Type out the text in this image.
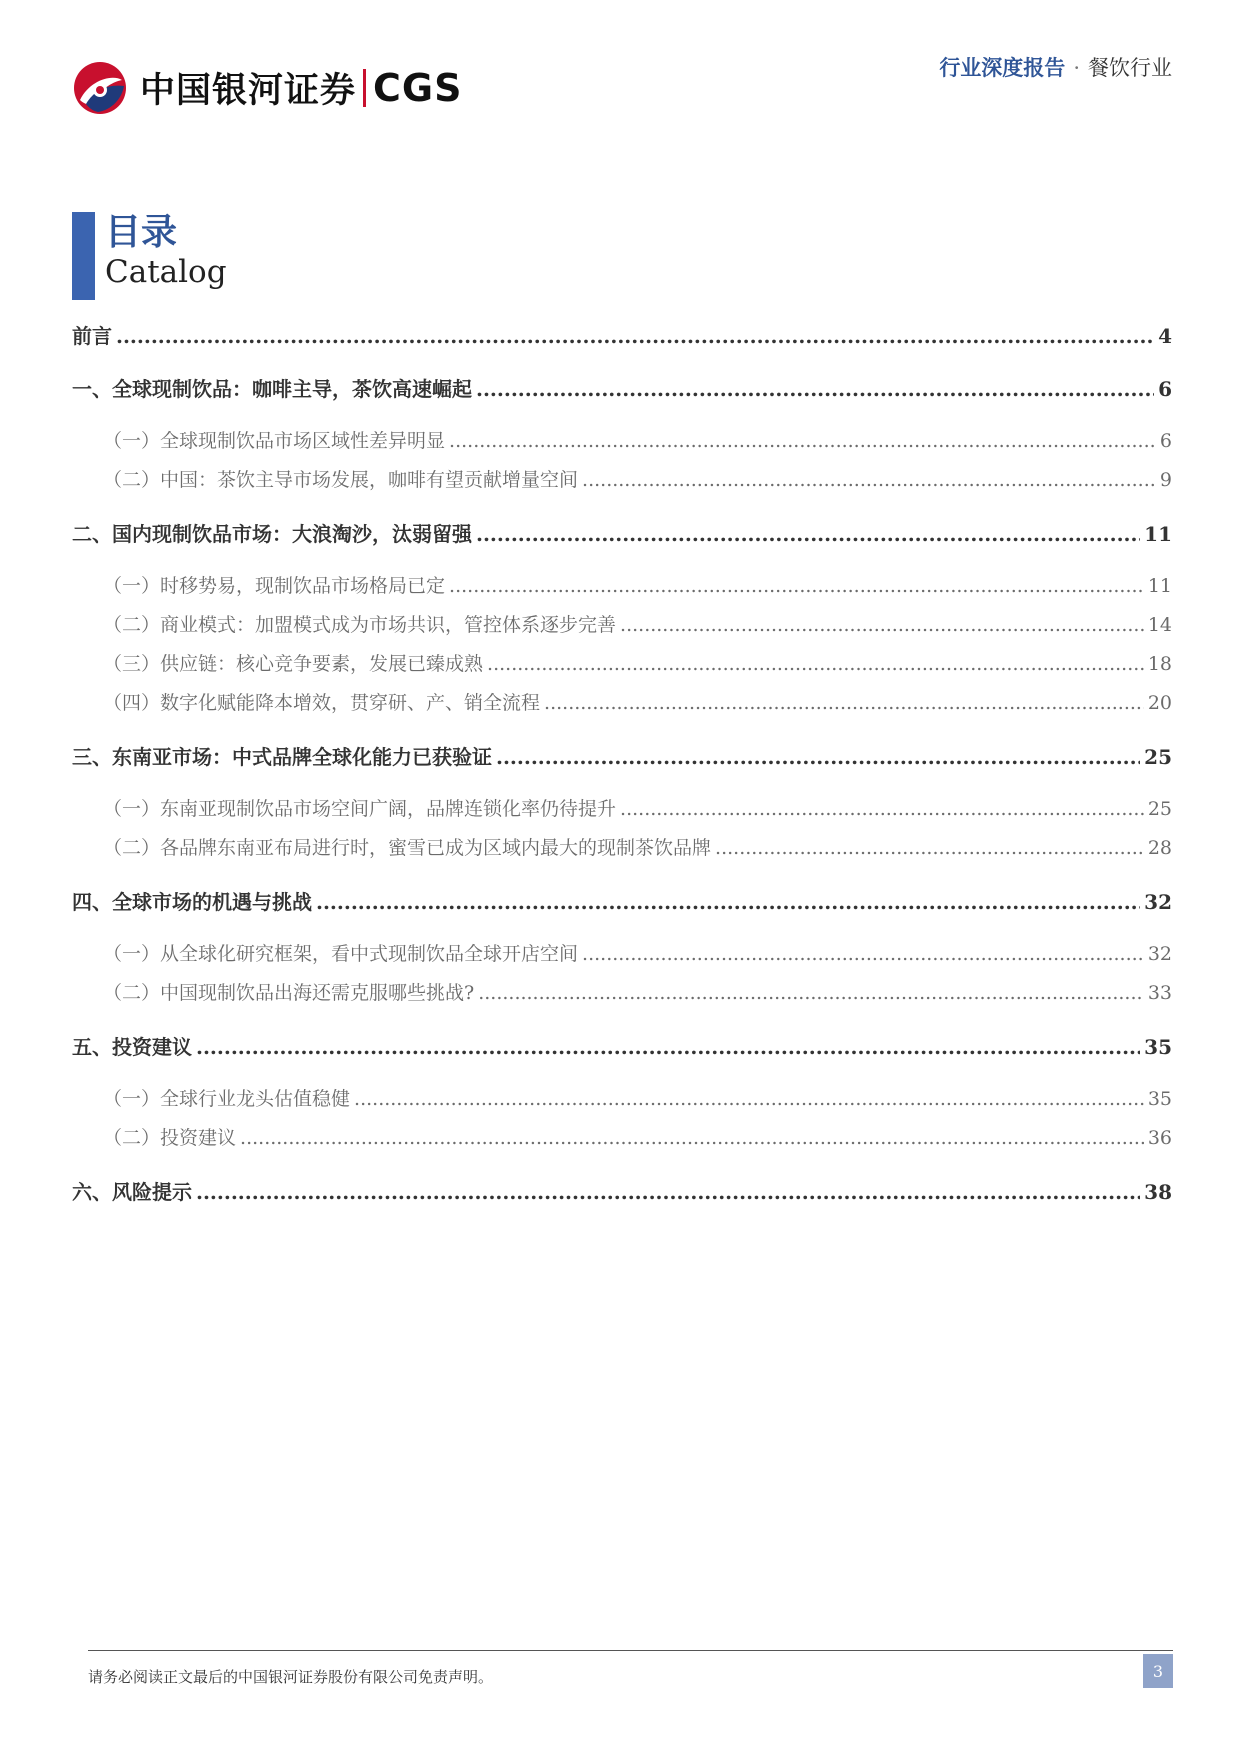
中国银河证券 CGS	行业深度报告 · 餐饮行业
目录
Catalog
前言 .....	4
一、 全球现制饮品：咖啡主导，茶饮高速崛起 .....	6
（一） 全球现制饮品市场区域性差异明显 .....	6
（二） 中国：茶饮主导市场发展，咖啡有望贡献增量空间 .....	9
二、 国内现制饮品市场：大浪淘沙，汰弱留强 .....	11
（一） 时移势易，现制饮品市场格局已定 .....	11
（二） 商业模式：加盟模式成为市场共识，管控体系逐步完善 .....	14
（三） 供应链：核心竞争要素，发展已臻成熟 .....	18
（四） 数字化赋能降本增效，贯穿研、产、销全流程 .....	20
三、 东南亚市场：中式品牌全球化能力已获验证 .....	25
（一） 东南亚现制饮品市场空间广阔，品牌连锁化率仍待提升 .....	25
（二） 各品牌东南亚布局进行时，蜜雪已成为区域内最大的现制茶饮品牌 .....	28
四、 全球市场的机遇与挑战 .....	32
（一） 从全球化研究框架，看中式现制饮品全球开店空间 .....	32
（二） 中国现制饮品出海还需克服哪些挑战? .....	33
五、 投资建议 .....	35
（一） 全球行业龙头估值稳健 .....	35
（二） 投资建议 .....	36
六、 风险提示 .....	38
请务必阅读正文最后的中国银河证券股份有限公司免责声明。	3
